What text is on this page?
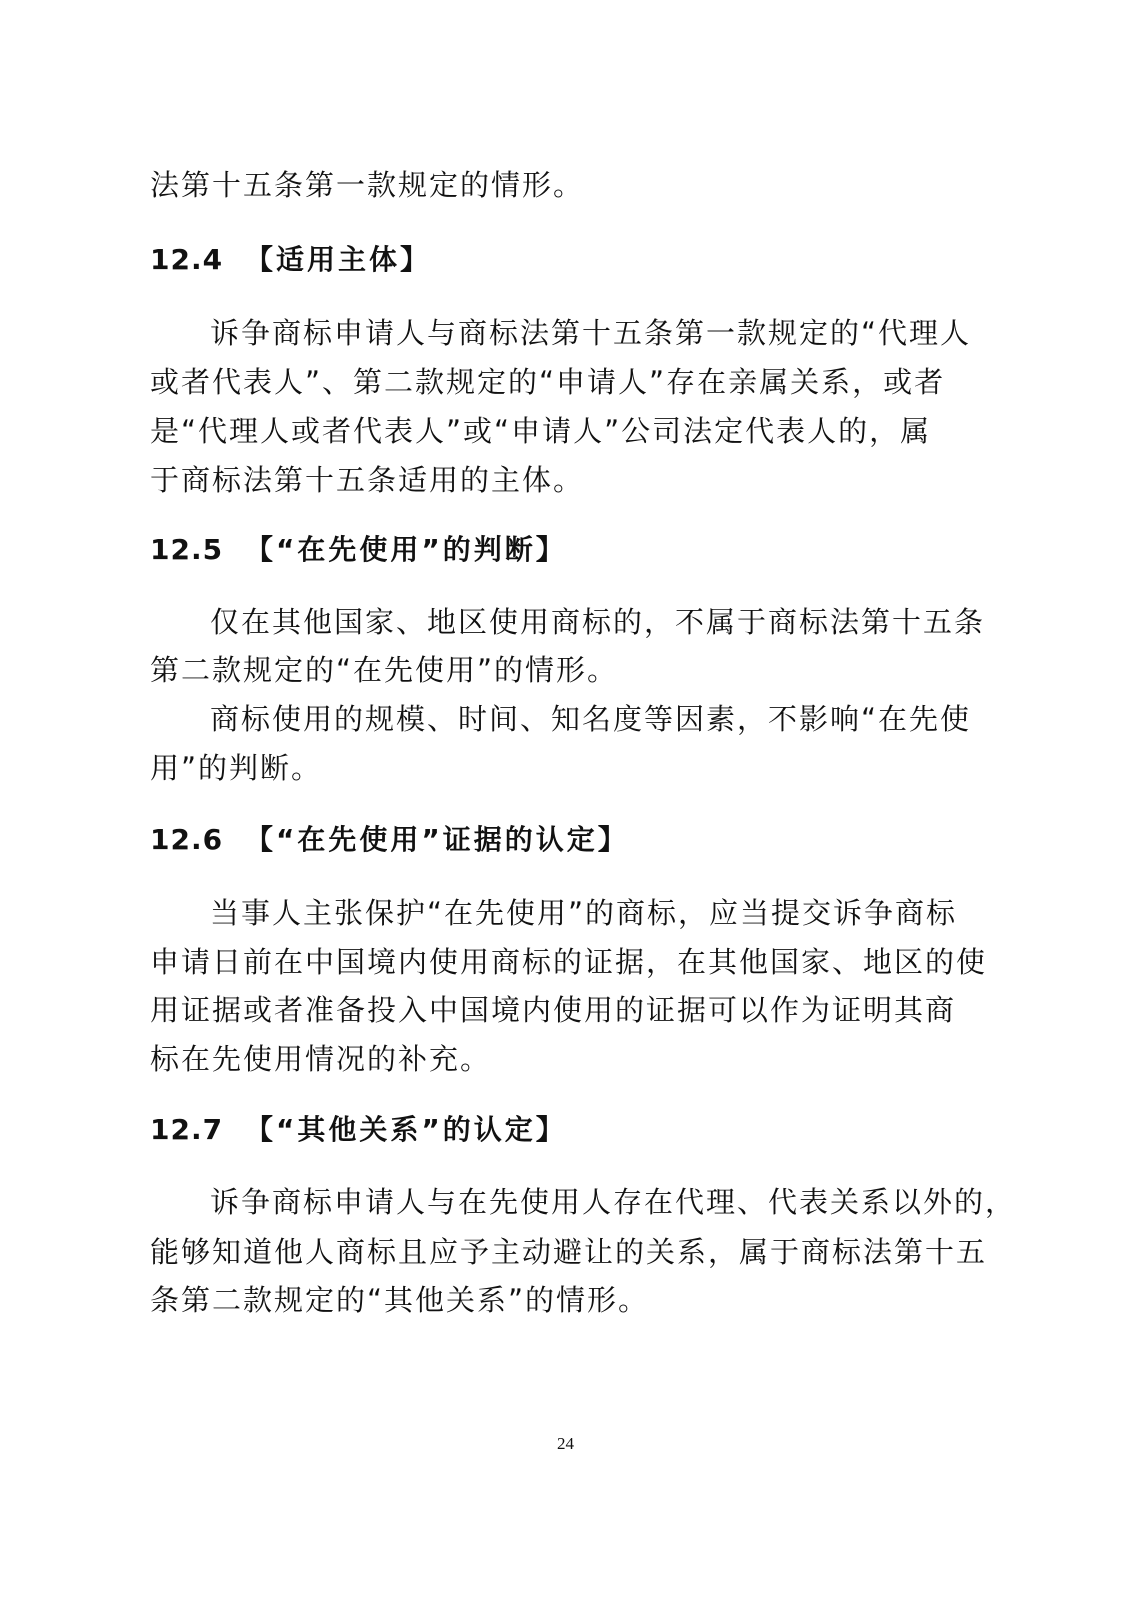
法第十五条第一款规定的情形。
12.4 【适用主体】
诉争商标申请人与商标法第十五条第一款规定的“代理人
或者代表人”、第二款规定的“申请人”存在亲属关系，或者
是“代理人或者代表人”或“申请人”公司法定代表人的，属
于商标法第十五条适用的主体。
12.5 【“在先使用”的判断】
仅在其他国家、地区使用商标的，不属于商标法第十五条
第二款规定的“在先使用”的情形。
商标使用的规模、时间、知名度等因素，不影响“在先使
用”的判断。
12.6 【“在先使用”证据的认定】
当事人主张保护“在先使用”的商标，应当提交诉争商标
申请日前在中国境内使用商标的证据，在其他国家、地区的使
用证据或者准备投入中国境内使用的证据可以作为证明其商
标在先使用情况的补充。
12.7 【“其他关系”的认定】
诉争商标申请人与在先使用人存在代理、代表关系以外的，
能够知道他人商标且应予主动避让的关系，属于商标法第十五
条第二款规定的“其他关系”的情形。
24
